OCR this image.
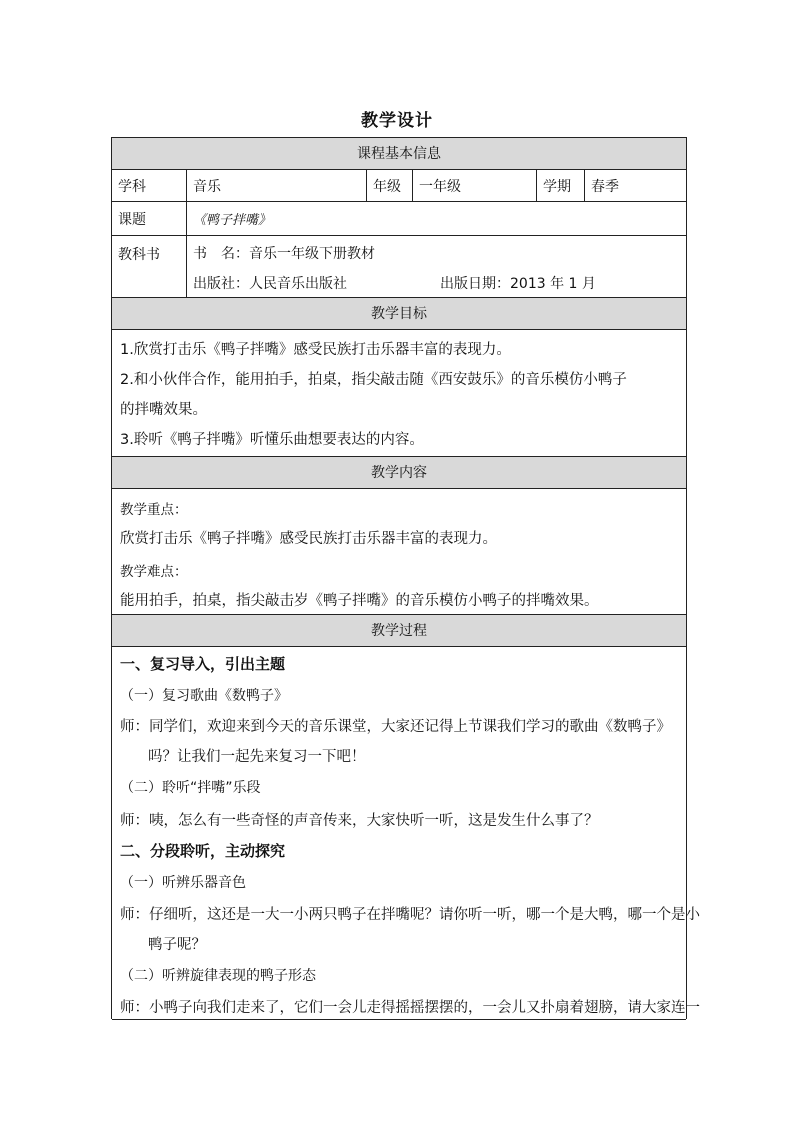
教学设计
课程基本信息
学科	音乐	年级	一年级	学期	春季
课题	《鸭子拌嘴》
教科书	书　名：音乐一年级下册教材
出版社：人民音乐出版社	出版日期：2013 年 1 月
教学目标
1.欣赏打击乐《鸭子拌嘴》感受民族打击乐器丰富的表现力。
2.和小伙伴合作，能用拍手，拍桌，指尖敲击随《西安鼓乐》的音乐模仿小鸭子
的拌嘴效果。
3.聆听《鸭子拌嘴》听懂乐曲想要表达的内容。
教学内容
教学重点：
欣赏打击乐《鸭子拌嘴》感受民族打击乐器丰富的表现力。
教学难点：
能用拍手，拍桌，指尖敲击岁《鸭子拌嘴》的音乐模仿小鸭子的拌嘴效果。
教学过程
一、复习导入，引出主题
（一）复习歌曲《数鸭子》
师：同学们，欢迎来到今天的音乐课堂，大家还记得上节课我们学习的歌曲《数鸭子》
吗？让我们一起先来复习一下吧！
（二）聆听“拌嘴”乐段
师：咦，怎么有一些奇怪的声音传来，大家快听一听，这是发生什么事了？
二、分段聆听，主动探究
（一）听辨乐器音色
师：仔细听，这还是一大一小两只鸭子在拌嘴呢？请你听一听，哪一个是大鸭，哪一个是小
鸭子呢？
（二）听辨旋律表现的鸭子形态
师：小鸭子向我们走来了，它们一会儿走得摇摇摆摆的，一会儿又扑扇着翅膀，请大家连一
